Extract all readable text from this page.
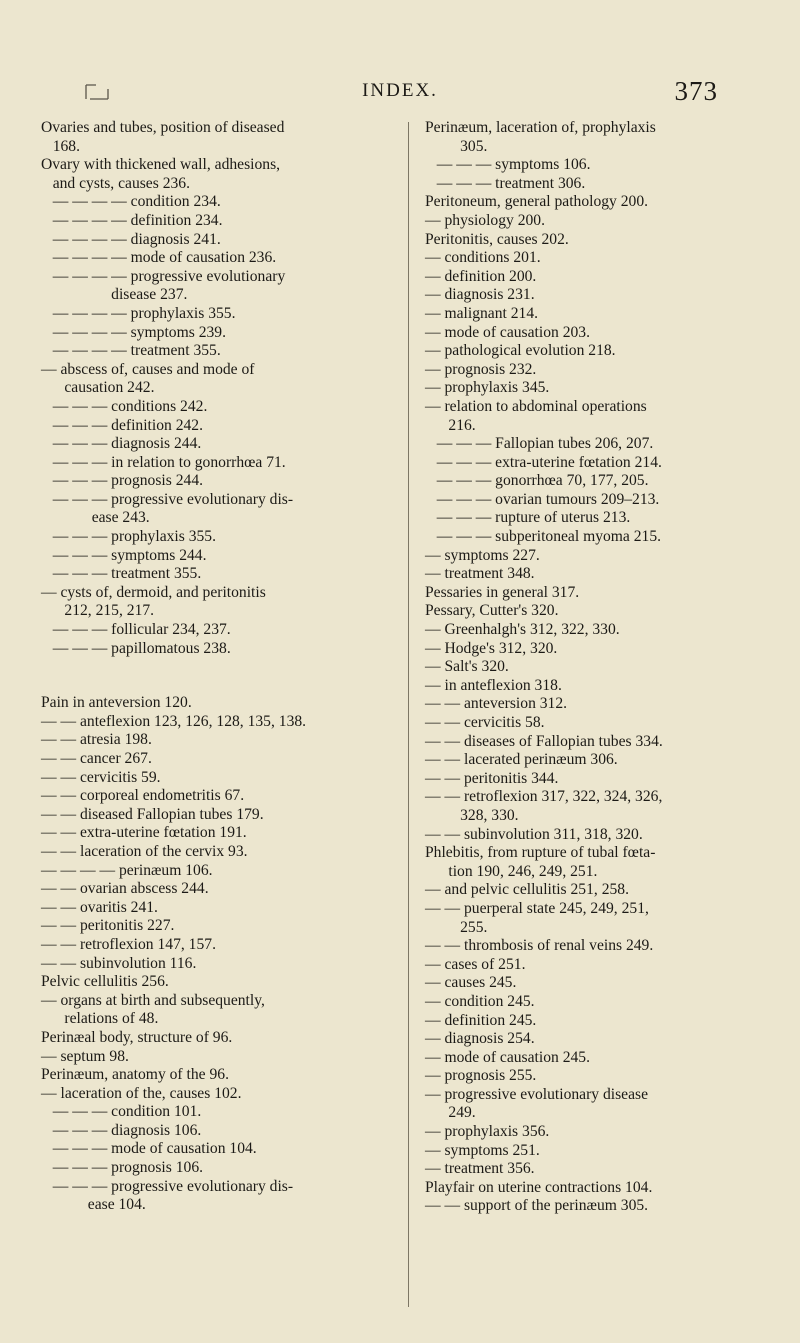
INDEX.	373
Ovaries and tubes, position of diseased
168.
Ovary with thickened wall, adhesions,
and cysts, causes 236.
— — — — condition 234.
— — — — definition 234.
— — — — diagnosis 241.
— — — — mode of causation 236.
— — — — progressive evolutionary
disease 237.
— — — — prophylaxis 355.
— — — — symptoms 239.
— — — — treatment 355.
— abscess of, causes and mode of
causation 242.
— — — conditions 242.
— — — definition 242.
— — — diagnosis 244.
— — — in relation to gonorrhœa 71.
— — — prognosis 244.
— — — progressive evolutionary dis-
ease 243.
— — — prophylaxis 355.
— — — symptoms 244.
— — — treatment 355.
— cysts of, dermoid, and peritonitis
212, 215, 217.
— — — follicular 234, 237.
— — — papillomatous 238.
Pain in anteversion 120.
— — anteflexion 123, 126, 128, 135, 138.
— — atresia 198.
— — cancer 267.
— — cervicitis 59.
— — corporeal endometritis 67.
— — diseased Fallopian tubes 179.
— — extra-uterine fœtation 191.
— — laceration of the cervix 93.
— — — — perinæum 106.
— — ovarian abscess 244.
— — ovaritis 241.
— — peritonitis 227.
— — retroflexion 147, 157.
— — subinvolution 116.
Pelvic cellulitis 256.
— organs at birth and subsequently,
relations of 48.
Perinæal body, structure of 96.
— septum 98.
Perinæum, anatomy of the 96.
— laceration of the, causes 102.
— — — condition 101.
— — — diagnosis 106.
— — — mode of causation 104.
— — — prognosis 106.
— — — progressive evolutionary dis-
ease 104.
Perinæum, laceration of, prophylaxis
305.
— — — symptoms 106.
— — — treatment 306.
Peritoneum, general pathology 200.
— physiology 200.
Peritonitis, causes 202.
— conditions 201.
— definition 200.
— diagnosis 231.
— malignant 214.
— mode of causation 203.
— pathological evolution 218.
— prognosis 232.
— prophylaxis 345.
— relation to abdominal operations
216.
— — — Fallopian tubes 206, 207.
— — — extra-uterine fœtation 214.
— — — gonorrhœa 70, 177, 205.
— — — ovarian tumours 209–213.
— — — rupture of uterus 213.
— — — subperitoneal myoma 215.
— symptoms 227.
— treatment 348.
Pessaries in general 317.
Pessary, Cutter's 320.
— Greenhalgh's 312, 322, 330.
— Hodge's 312, 320.
— Salt's 320.
— in anteflexion 318.
— — anteversion 312.
— — cervicitis 58.
— — diseases of Fallopian tubes 334.
— — lacerated perinæum 306.
— — peritonitis 344.
— — retroflexion 317, 322, 324, 326,
328, 330.
— — subinvolution 311, 318, 320.
Phlebitis, from rupture of tubal fœta-
tion 190, 246, 249, 251.
— and pelvic cellulitis 251, 258.
— — puerperal state 245, 249, 251,
255.
— — thrombosis of renal veins 249.
— cases of 251.
— causes 245.
— condition 245.
— definition 245.
— diagnosis 254.
— mode of causation 245.
— prognosis 255.
— progressive evolutionary disease
249.
— prophylaxis 356.
— symptoms 251.
— treatment 356.
Playfair on uterine contractions 104.
— — support of the perinæum 305.
